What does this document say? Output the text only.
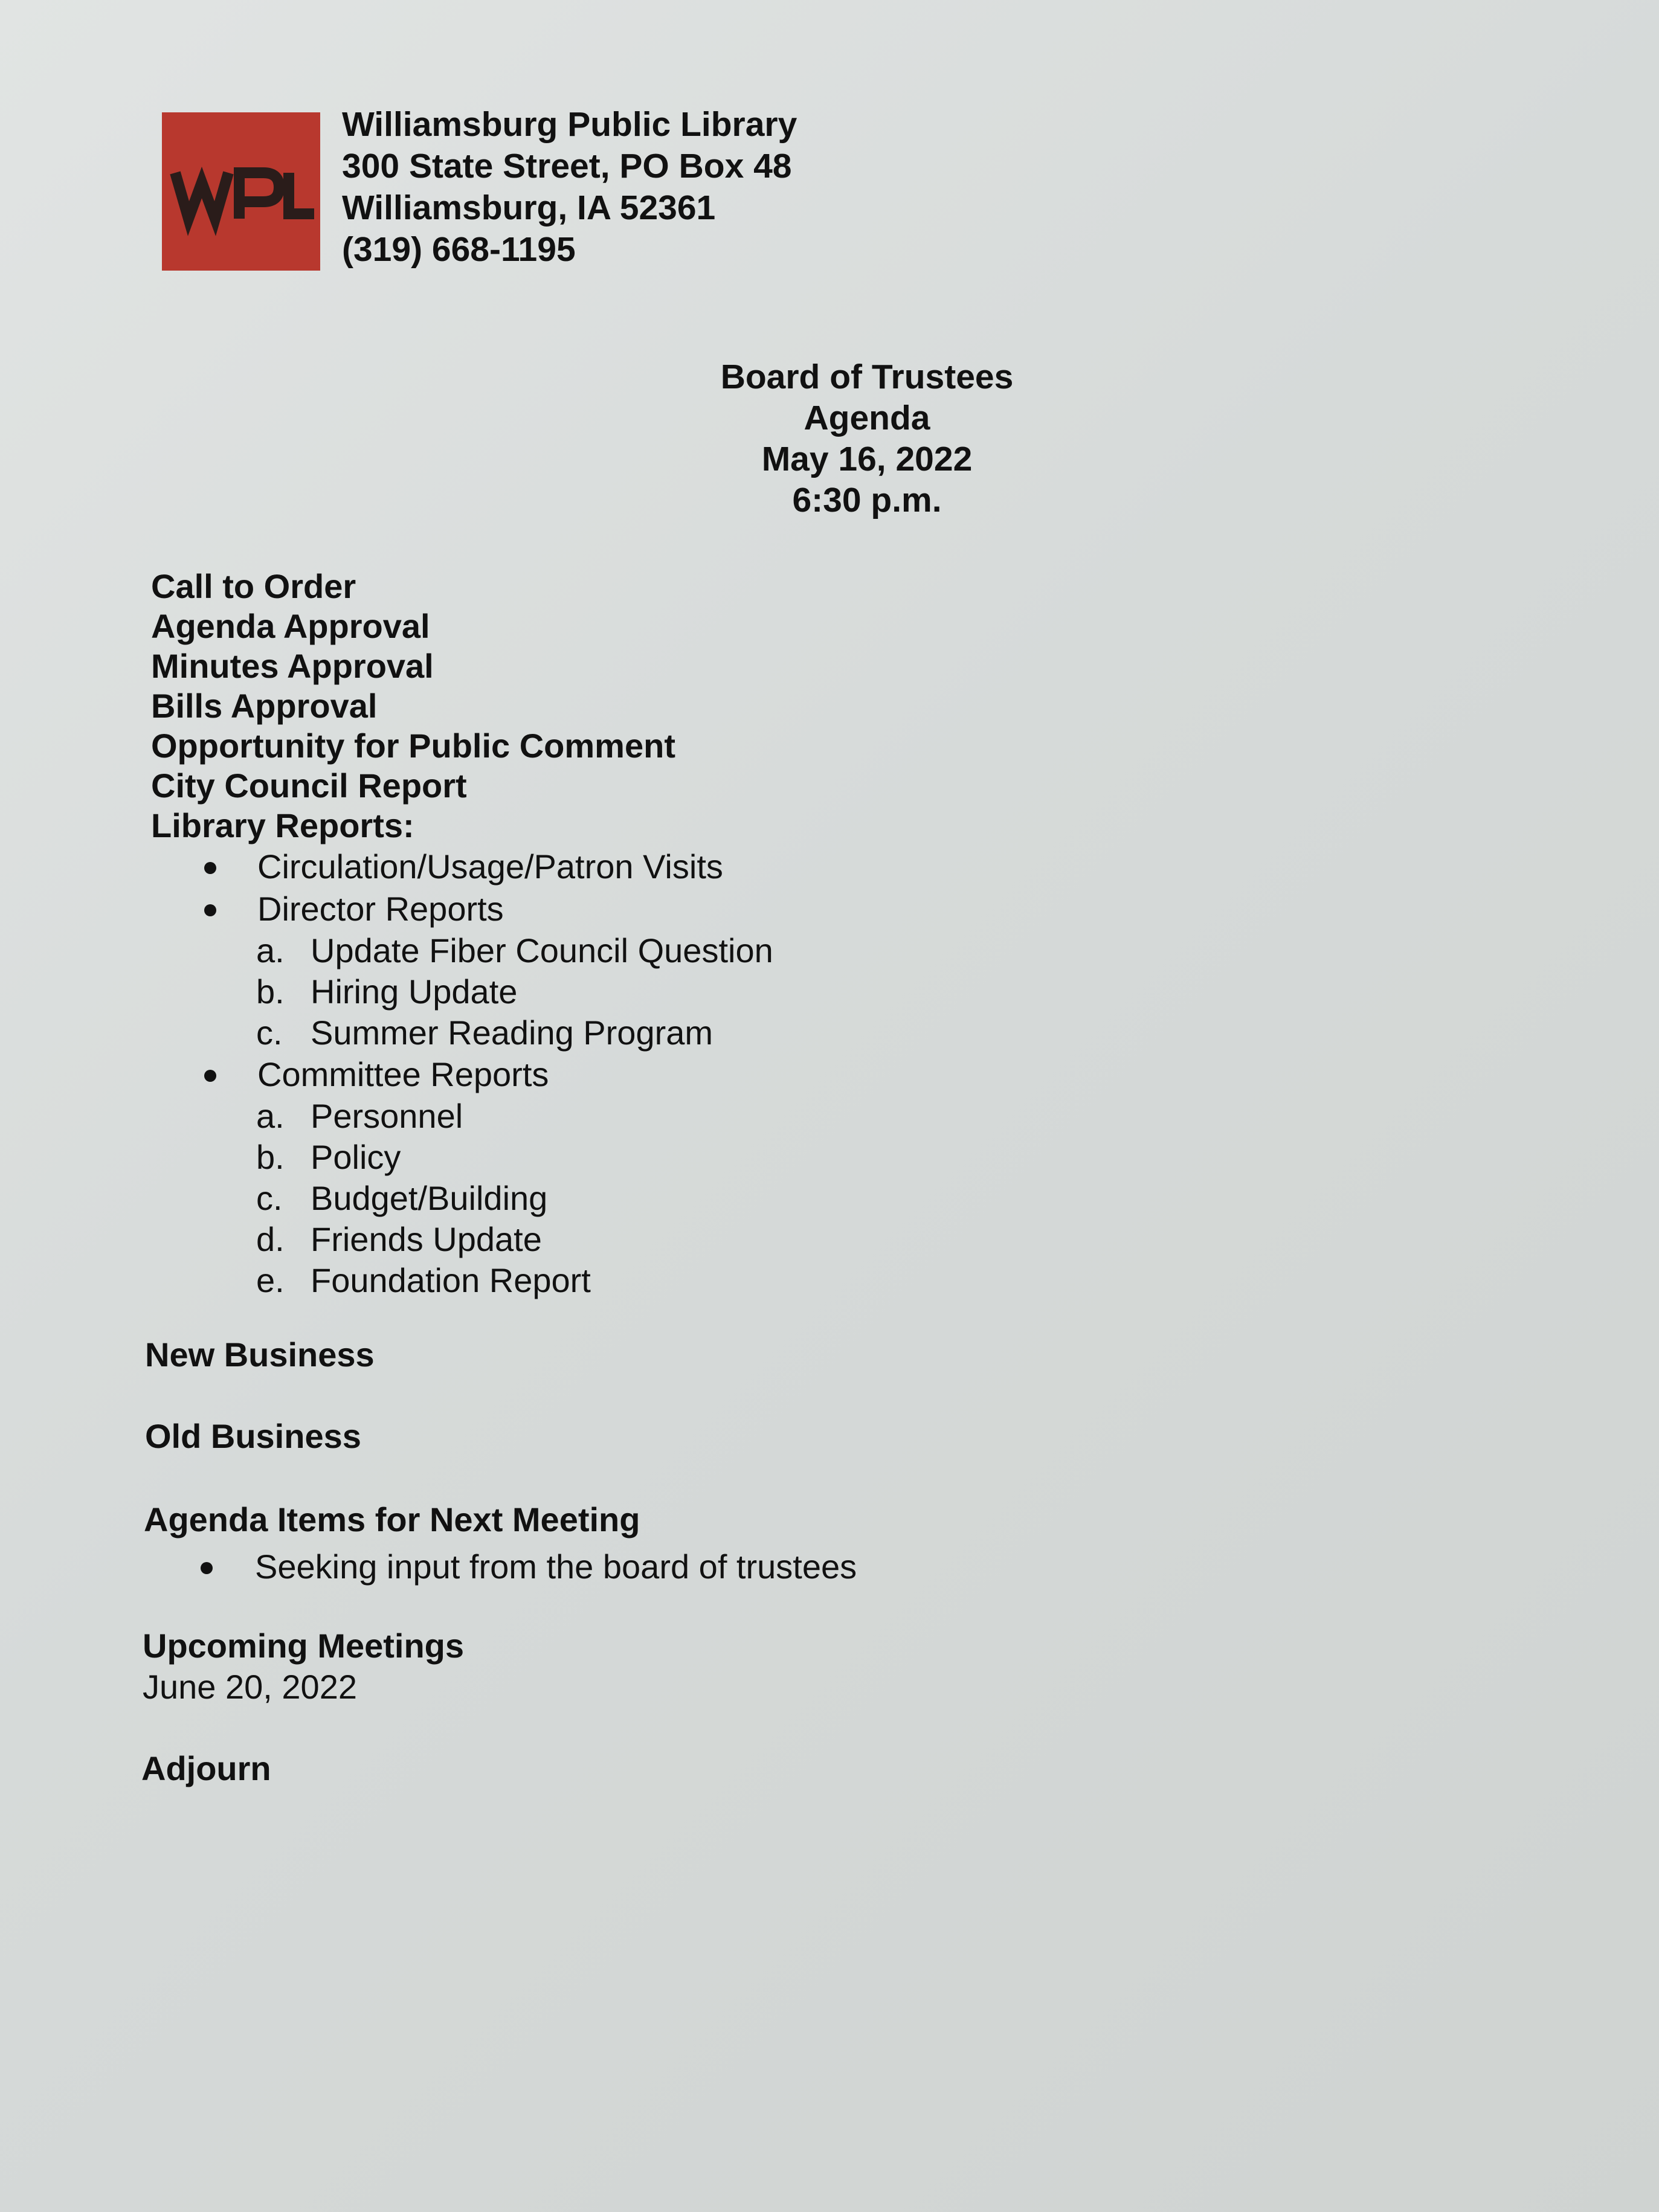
Williamsburg Public Library
300 State Street, PO Box 48
Williamsburg, IA 52361
(319) 668-1195
Board of Trustees
Agenda
May 16, 2022
6:30 p.m.
Call to Order
Agenda Approval
Minutes Approval
Bills Approval
Opportunity for Public Comment
City Council Report
Library Reports:
Circulation/Usage/Patron Visits
Director Reports
a. Update Fiber Council Question
b. Hiring Update
c. Summer Reading Program
Committee Reports
a. Personnel
b. Policy
c. Budget/Building
d. Friends Update
e. Foundation Report
New Business
Old Business
Agenda Items for Next Meeting
Seeking input from the board of trustees
Upcoming Meetings
June 20, 2022
Adjourn
